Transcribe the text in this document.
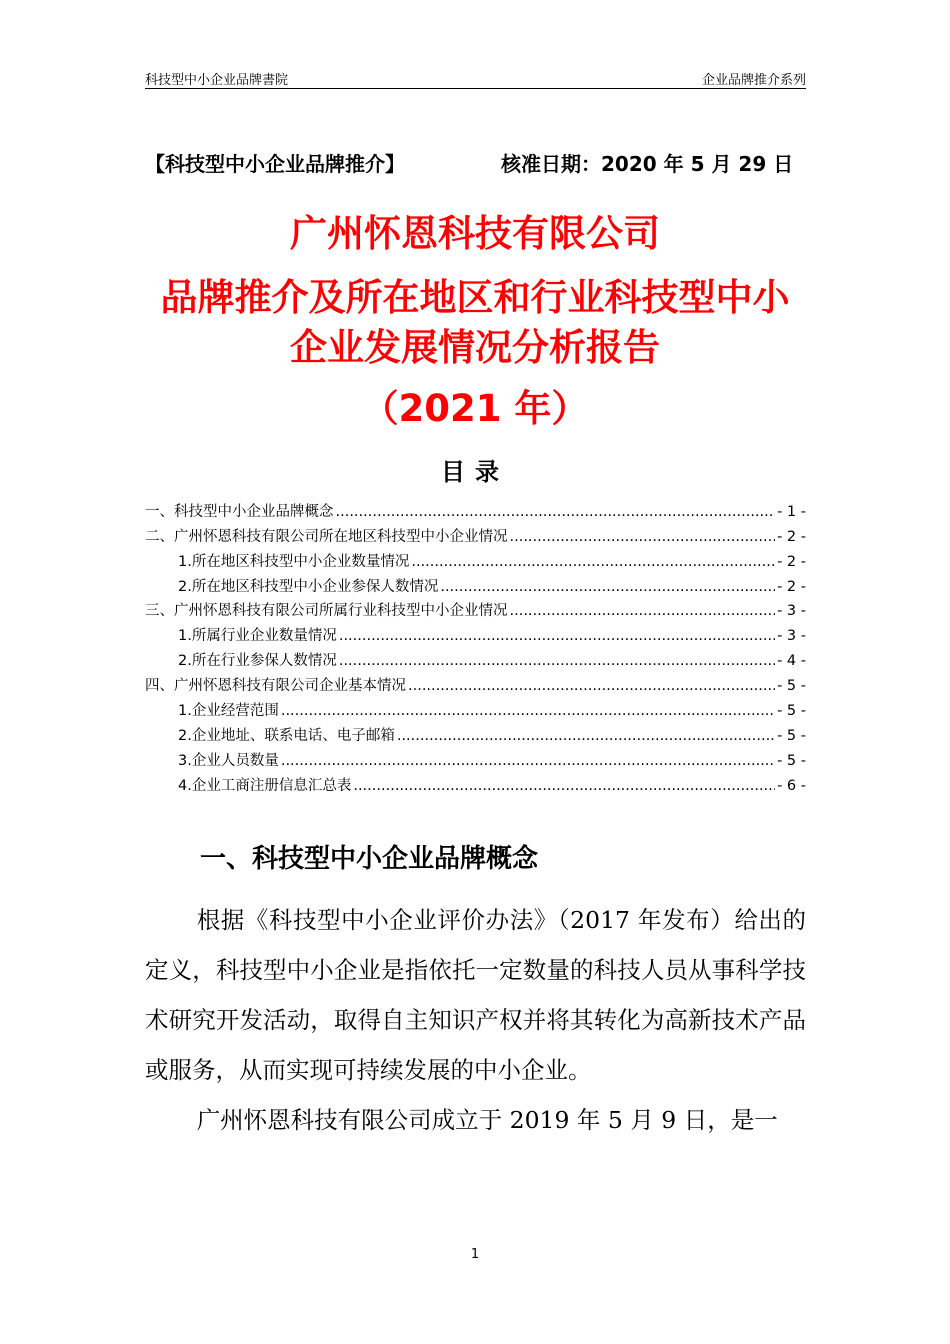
科技型中小企业品牌書院	企业品牌推介系列
【科技型中小企业品牌推介】	核准日期：2020 年 5 月 29 日
广州怀恩科技有限公司
品牌推介及所在地区和行业科技型中小
企业发展情况分析报告
（2021 年）
目录
一、科技型中小企业品牌概念 .....	- 1 -
二、广州怀恩科技有限公司所在地区科技型中小企业情况 .....	- 2 -
1.所在地区科技型中小企业数量情况 .....	- 2 -
2.所在地区科技型中小企业参保人数情况 .....	- 2 -
三、广州怀恩科技有限公司所属行业科技型中小企业情况 .....	- 3 -
1.所属行业企业数量情况 .....	- 3 -
2.所在行业参保人数情况 .....	- 4 -
四、广州怀恩科技有限公司企业基本情况 .....	- 5 -
1.企业经营范围 .....	- 5 -
2.企业地址、联系电话、电子邮箱 .....	- 5 -
3.企业人员数量 .....	- 5 -
4.企业工商注册信息汇总表 .....	- 6 -
一、科技型中小企业品牌概念

根据《科技型中小企业评价办法》（2017 年发布）给出的定义，科技型中小企业是指依托一定数量的科技人员从事科学技术研究开发活动，取得自主知识产权并将其转化为高新技术产品或服务，从而实现可持续发展的中小企业。

广州怀恩科技有限公司成立于 2019 年 5 月 9 日，是一

1
